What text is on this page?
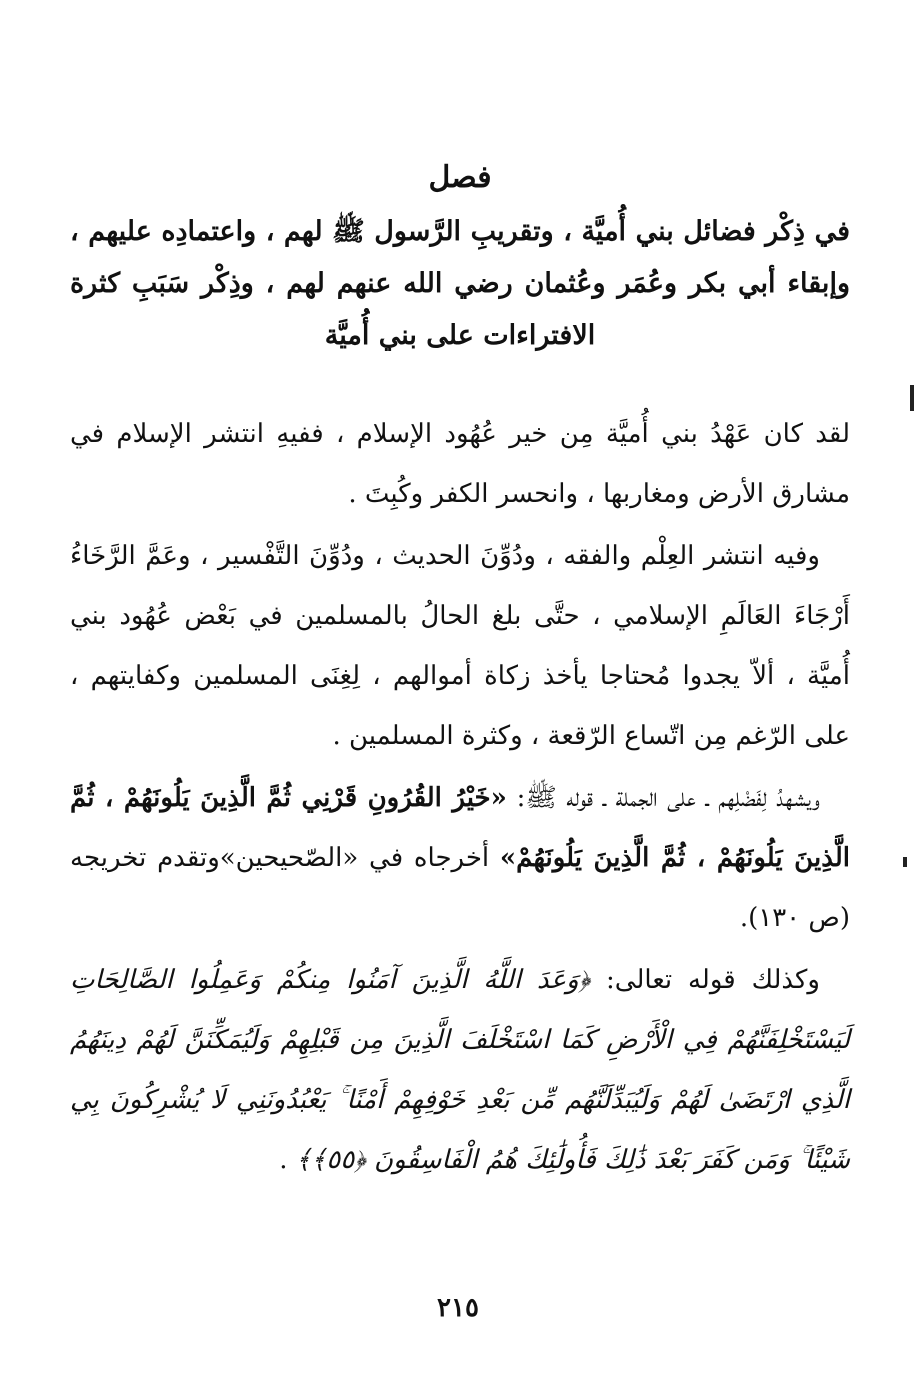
فصل
في ذِكْر فضائل بني أُميَّة ، وتقريبِ الرَّسول ﷺ لهم ، واعتمادِه عليهم ، وإبقاء أبي بكر وعُمَر وعُثمان رضي الله عنهم لهم ، وذِكْر سَبَبِ كثرة الافتراءات على بني أُميَّة

لقد كان عَهْدُ بني أُميَّة مِن خير عُهُود الإسلام ، ففيهِ انتشر الإسلام في مشارق الأرض ومغاربها ، وانحسر الكفر وكُبِتَ .

وفيه انتشر العِلْم والفقه ، ودُوِّنَ الحديث ، ودُوِّنَ التَّفْسير ، وعَمَّ الرَّخَاءُ أَرْجَاءَ العَالَمِ الإسلامي ، حتَّى بلغ الحالُ بالمسلمين في بَعْض عُهُود بني أُميَّة ، ألاّ يجدوا مُحتاجا يأخذ زكاة أموالهم ، لِغِنَى المسلمين وكفايتهم ، على الرّغم مِن اتّساع الرّقعة ، وكثرة المسلمين .

ويشهدُ لِفَضْلِهم ـ على الجملة ـ قوله ﷺ: «خَيْرُ القُرُونِ قَرْنِي ثُمَّ الَّذِينَ يَلُونَهُمْ ، ثُمَّ الَّذِينَ يَلُونَهُمْ ، ثُمَّ الَّذِينَ يَلُونَهُمْ» أخرجاه في «الصّحيحين»وتقدم تخريجه (ص ١٣٠).

وكذلك قوله تعالى: ﴿وَعَدَ اللَّهُ الَّذِينَ آمَنُوا مِنكُمْ وَعَمِلُوا الصَّالِحَاتِ لَيَسْتَخْلِفَنَّهُمْ فِي الْأَرْضِ كَمَا اسْتَخْلَفَ الَّذِينَ مِن قَبْلِهِمْ وَلَيُمَكِّنَنَّ لَهُمْ دِينَهُمُ الَّذِي ارْتَضَىٰ لَهُمْ وَلَيُبَدِّلَنَّهُم مِّن بَعْدِ خَوْفِهِمْ أَمْنًا ۚ يَعْبُدُونَنِي لَا يُشْرِكُونَ بِي شَيْئًا ۚ وَمَن كَفَرَ بَعْدَ ذَٰلِكَ فَأُولَٰئِكَ هُمُ الْفَاسِقُونَ ﴿٥٥﴾﴾ .

٢١٥
